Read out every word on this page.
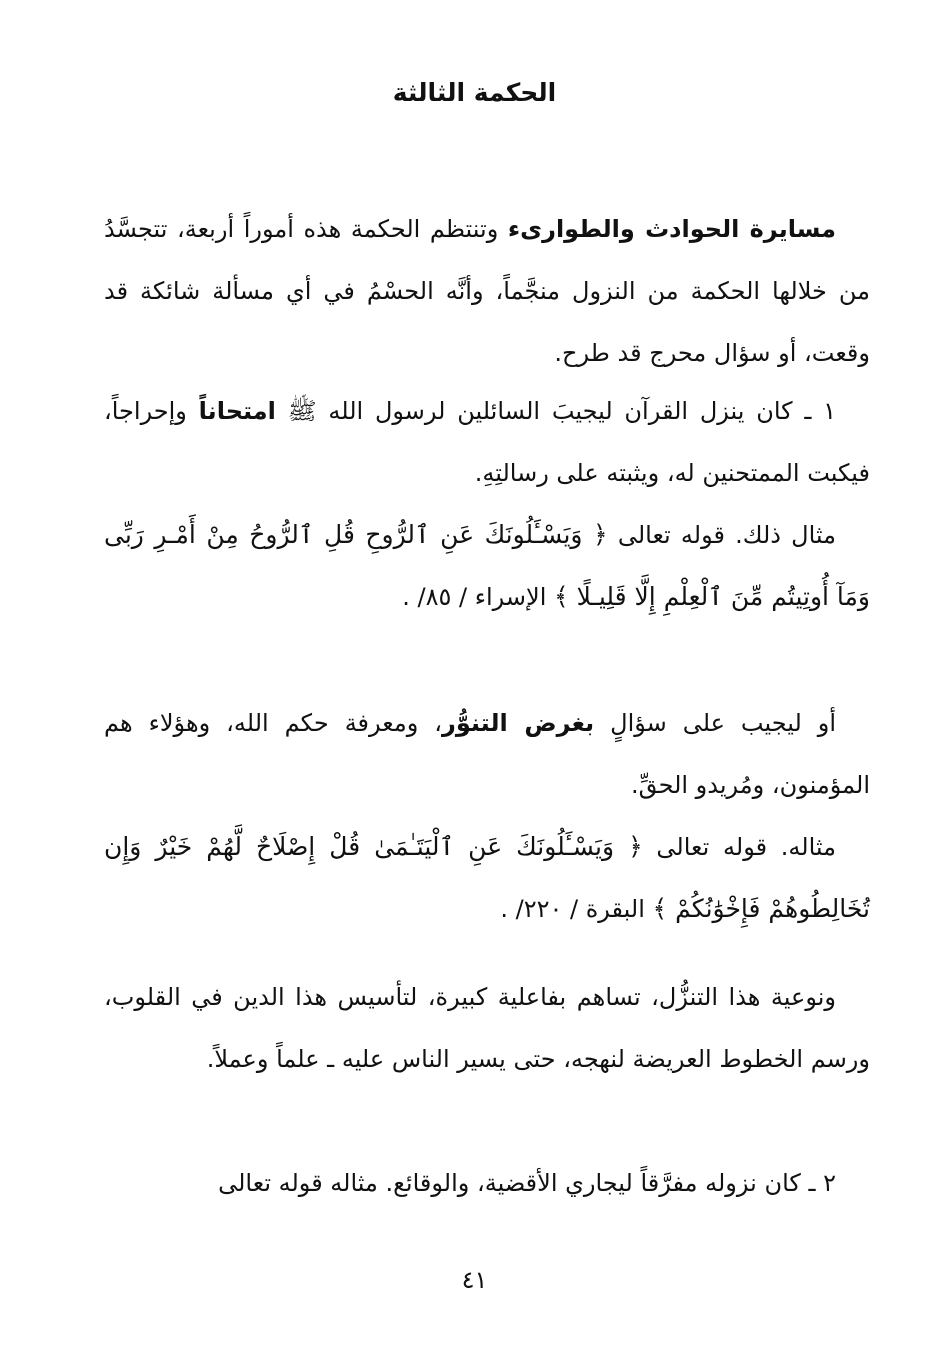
الحكمة الثالثة

مسايرة الحوادث والطوارىء وتنتظم الحكمة هذه أموراً أربعة، تتجسَّدُ من خلالها الحكمة من النزول منجَّماً، وأنَّه الحسْمُ في أي مسألة شائكة قد وقعت، أو سؤال محرج قد طرح.

١ ـ كان ينزل القرآن ليجيبَ السائلين لرسول الله ﷺ امتحاناً وإحراجاً، فيكبت الممتحنين له، ويثبته على رسالتِهِ.

مثال ذلك. قوله تعالى ﴿ وَيَسْـَٔلُونَكَ عَنِ ٱلرُّوحِ قُلِ ٱلرُّوحُ مِنْ أَمْـرِ رَبِّى وَمَآ أُوتِيتُم مِّنَ ٱلْعِلْمِ إِلَّا قَلِيـلًا ﴾ الإسراء / ٨٥/ .

أو ليجيب على سؤالٍ بغرض التنوُّر، ومعرفة حكم الله، وهؤلاء هم المؤمنون، ومُريدو الحقِّ.

مثاله. قوله تعالى ﴿ وَيَسْـَٔلُونَكَ عَنِ ٱلْيَتَـٰمَىٰ قُلْ إِصْلَاحٌ لَّهُمْ خَيْرٌ وَإِن تُخَالِطُوهُمْ فَإِخْوَٰنُكُمْ ﴾ البقرة / ٢٢٠/ .

ونوعية هذا التنزُّل، تساهم بفاعلية كبيرة، لتأسيس هذا الدين في القلوب، ورسم الخطوط العريضة لنهجه، حتى يسير الناس عليه ـ علماً وعملاً.

٢ ـ كان نزوله مفرَّقاً ليجاري الأقضية، والوقائع. مثاله قوله تعالى

٤١
